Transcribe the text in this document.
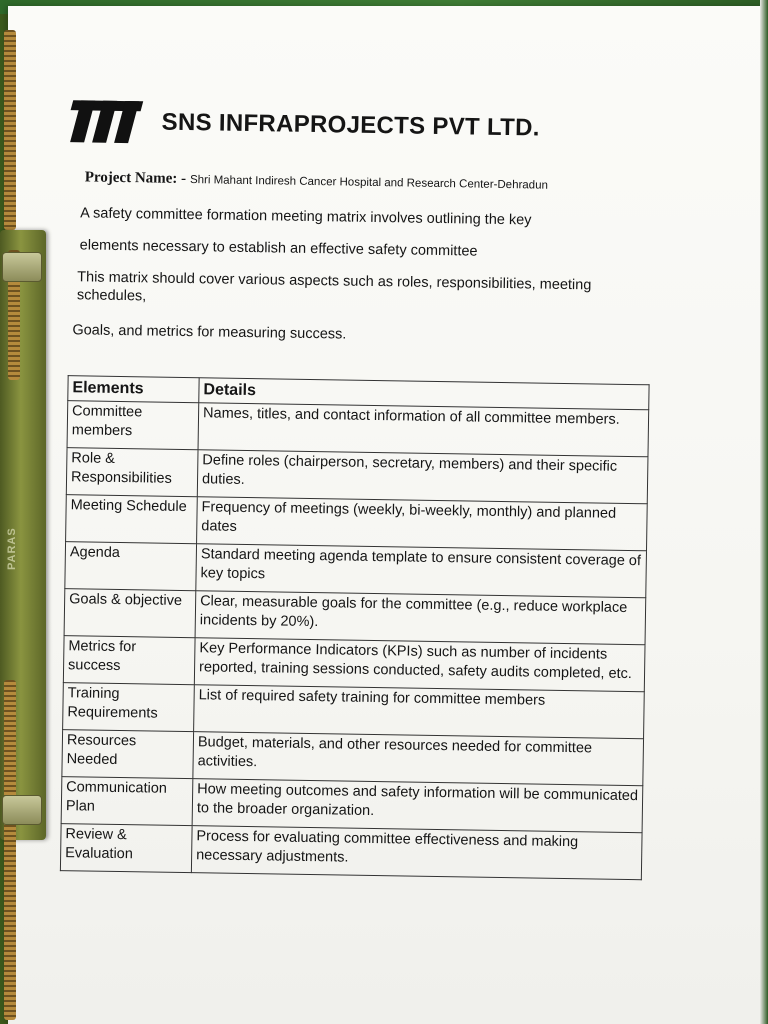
PARAS
SNS INFRAPROJECTS PVT LTD.
Project Name: - Shri Mahant Indiresh Cancer Hospital and Research Center-Dehradun
A safety committee formation meeting matrix involves outlining the key
elements necessary to establish an effective safety committee
This matrix should cover various aspects such as roles, responsibilities, meeting schedules,
Goals, and metrics for measuring success.
Elements	Details
Committee members	Names, titles, and contact information of all committee members.
Role & Responsibilities	Define roles (chairperson, secretary, members) and their specific duties.
Meeting Schedule	Frequency of meetings (weekly, bi-weekly, monthly) and planned dates
Agenda	Standard meeting agenda template to ensure consistent coverage of key topics
Goals & objective	Clear, measurable goals for the committee (e.g., reduce workplace incidents by 20%).
Metrics for success	Key Performance Indicators (KPIs) such as number of incidents reported, training sessions conducted, safety audits completed, etc.
Training Requirements	List of required safety training for committee members
Resources Needed	Budget, materials, and other resources needed for committee activities.
Communication Plan	How meeting outcomes and safety information will be communicated to the broader organization.
Review & Evaluation	Process for evaluating committee effectiveness and making necessary adjustments.
